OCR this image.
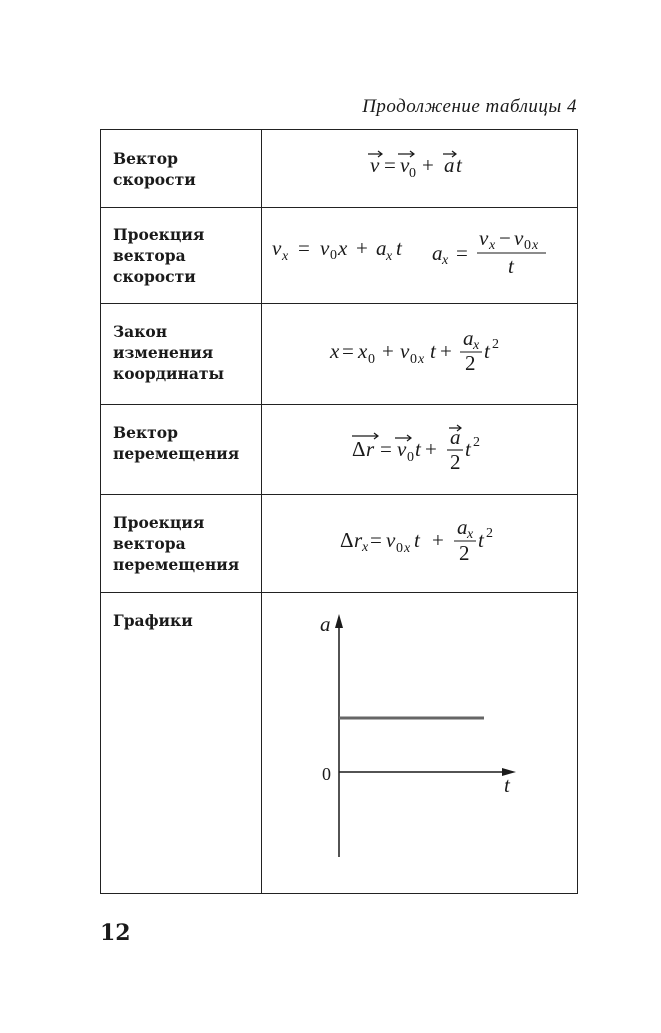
Продолжение таблицы 4
Вектор
скорости
Проекция
вектора
скорости
Закон
изменения
координаты
Вектор
перемещения
Проекция
вектора
перемещения
Графики
v = v 0 + a t
v x = v 0 x + a x t a x =
v x − v 0 x
t
x = x 0 + v 0 x t +
a x
2 t 2
Δ r = v 0 t + a
2
t 2
Δ r x = v 0 x t +
a x
2
t 2
a
t
0
12
